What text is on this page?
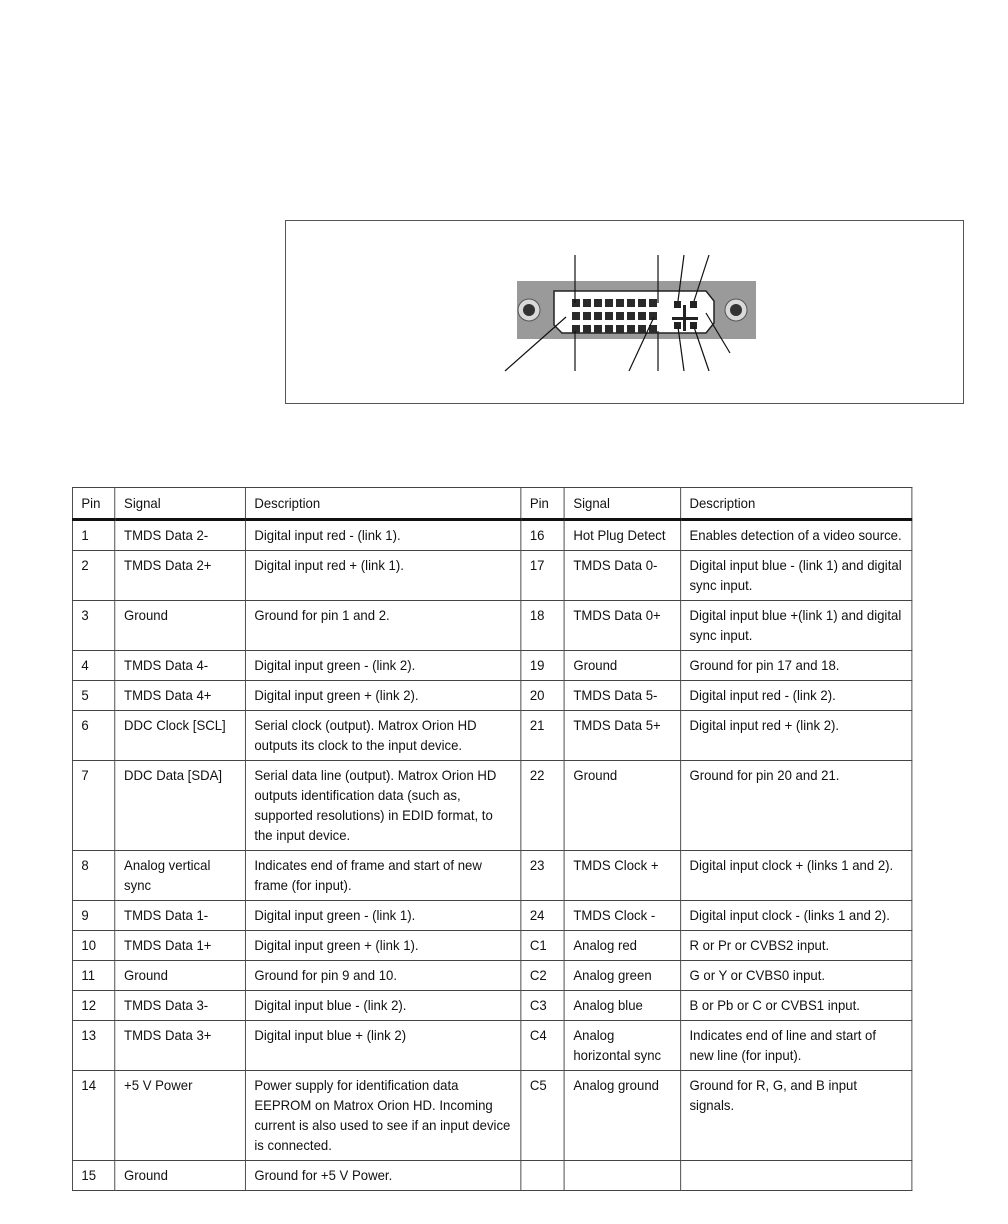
Pin	Signal	Description	Pin	Signal	Description
1	TMDS Data 2-	Digital input red - (link 1).	16	Hot Plug Detect	Enables detection of a video source.
2	TMDS Data 2+	Digital input red + (link 1).	17	TMDS Data 0-	Digital input blue - (link 1) and digital sync input.
3	Ground	Ground for pin 1 and 2.	18	TMDS Data 0+	Digital input blue +(link 1) and digital sync input.
4	TMDS Data 4-	Digital input green - (link 2).	19	Ground	Ground for pin 17 and 18.
5	TMDS Data 4+	Digital input green + (link 2).	20	TMDS Data 5-	Digital input red - (link 2).
6	DDC Clock [SCL]	Serial clock (output). Matrox Orion HD outputs its clock to the input device.	21	TMDS Data 5+	Digital input red + (link 2).
7	DDC Data [SDA]	Serial data line (output). Matrox Orion HD outputs identification data (such as, supported resolutions) in EDID format, to the input device.	22	Ground	Ground for pin 20 and 21.
8	Analog vertical sync	Indicates end of frame and start of new frame (for input).	23	TMDS Clock +	Digital input clock + (links 1 and 2).
9	TMDS Data 1-	Digital input green - (link 1).	24	TMDS Clock -	Digital input clock - (links 1 and 2).
10	TMDS Data 1+	Digital input green + (link 1).	C1	Analog red	R or Pr or CVBS2 input.
11	Ground	Ground for pin 9 and 10.	C2	Analog green	G or Y or CVBS0 input.
12	TMDS Data 3-	Digital input blue - (link 2).	C3	Analog blue	B or Pb or C or CVBS1 input.
13	TMDS Data 3+	Digital input blue + (link 2)	C4	Analog horizontal sync	Indicates end of line and start of new line (for input).
14	+5 V Power	Power supply for identification data EEPROM on Matrox Orion HD. Incoming current is also used to see if an input device is connected.	C5	Analog ground	Ground for R, G, and B input signals.
15	Ground	Ground for +5 V Power.			
